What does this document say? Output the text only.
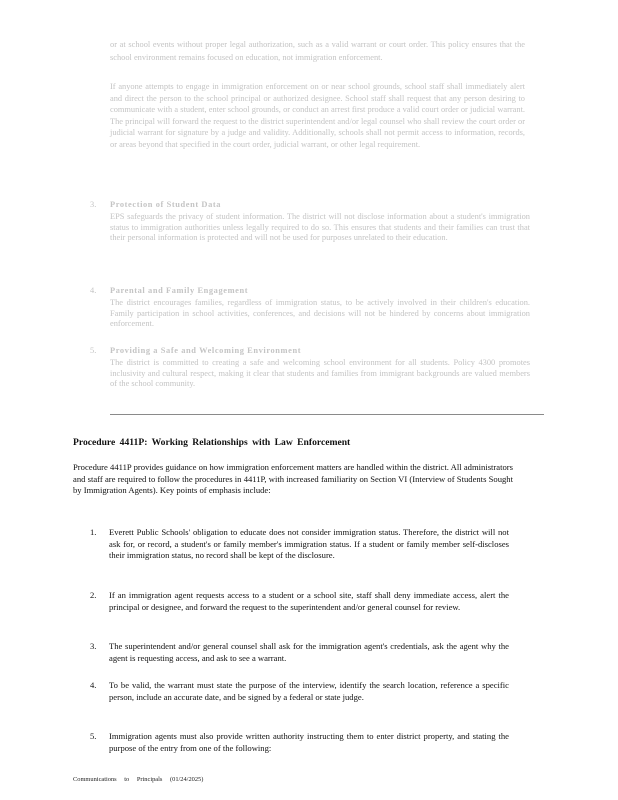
or at school events without proper legal authorization, such as a valid warrant or court order. This policy ensures that the school environment remains focused on education, not immigration enforcement.

If anyone attempts to engage in immigration enforcement on or near school grounds, school staff shall immediately alert and direct the person to the school principal or authorized designee. School staff shall request that any person desiring to communicate with a student, enter school grounds, or conduct an arrest first produce a valid court order or judicial warrant. The principal will forward the request to the district superintendent and/or legal counsel who shall review the court order or judicial warrant for signature by a judge and validity. Additionally, schools shall not permit access to information, records, or areas beyond that specified in the court order, judicial warrant, or other legal requirement.

3. Protection of Student Data
EPS safeguards the privacy of student information. The district will not disclose information about a student's immigration status to immigration authorities unless legally required to do so. This ensures that students and their families can trust that their personal information is protected and will not be used for purposes unrelated to their education.
4. Parental and Family Engagement
The district encourages families, regardless of immigration status, to be actively involved in their children's education. Family participation in school activities, conferences, and decisions will not be hindered by concerns about immigration enforcement.
5. Providing a Safe and Welcoming Environment
The district is committed to creating a safe and welcoming school environment for all students. Policy 4300 promotes inclusivity and cultural respect, making it clear that students and families from immigrant backgrounds are valued members of the school community.
Procedure 4411P: Working Relationships with Law Enforcement
Procedure 4411P provides guidance on how immigration enforcement matters are handled within the district. All administrators and staff are required to follow the procedures in 4411P, with increased familiarity on Section VI (Interview of Students Sought by Immigration Agents). Key points of emphasis include:
1. Everett Public Schools' obligation to educate does not consider immigration status. Therefore, the district will not ask for, or record, a student's or family member's immigration status. If a student or family member self-discloses their immigration status, no record shall be kept of the disclosure.
2. If an immigration agent requests access to a student or a school site, staff shall deny immediate access, alert the principal or designee, and forward the request to the superintendent and/or general counsel for review.
3. The superintendent and/or general counsel shall ask for the immigration agent's credentials, ask the agent why the agent is requesting access, and ask to see a warrant.
4. To be valid, the warrant must state the purpose of the interview, identify the search location, reference a specific person, include an accurate date, and be signed by a federal or state judge.
5. Immigration agents must also provide written authority instructing them to enter district property, and stating the purpose of the entry from one of the following:
Communications to Principals (01/24/2025)
